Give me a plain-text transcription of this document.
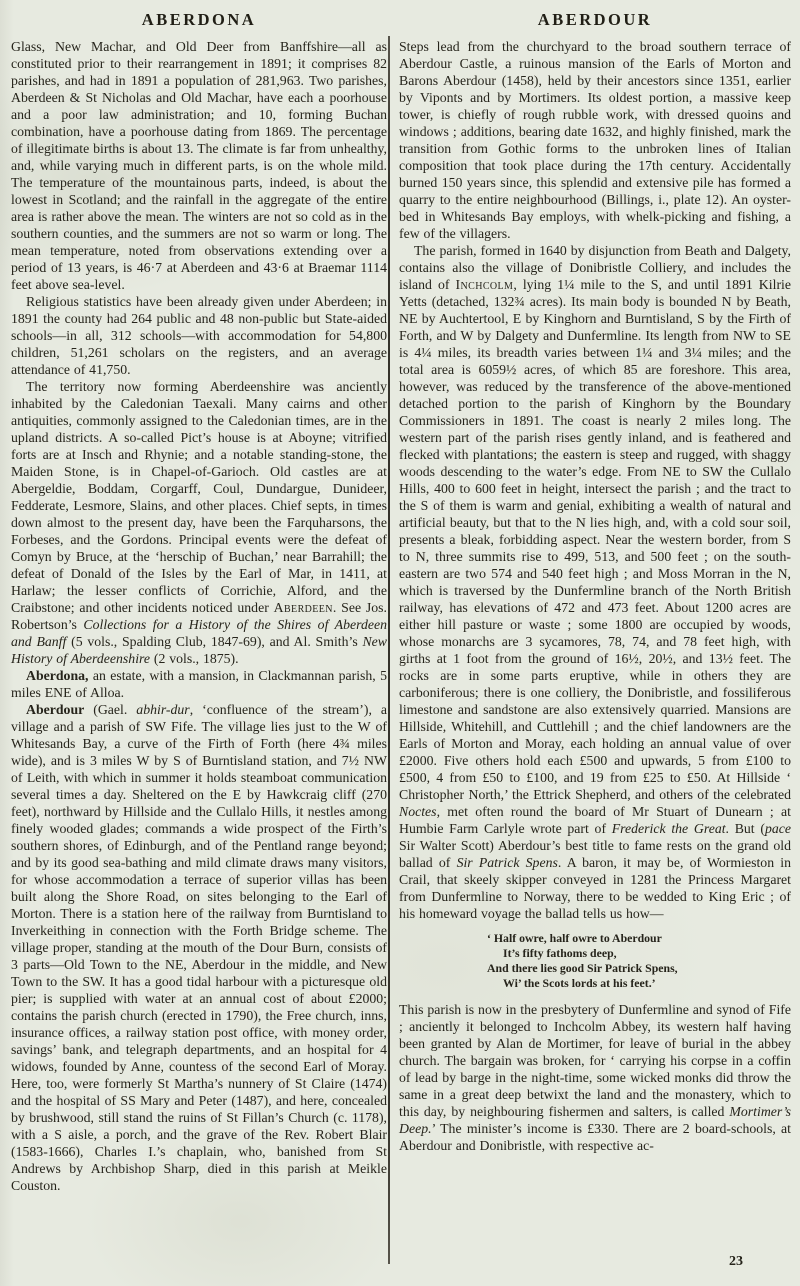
ABERDONA

Glass, New Machar, and Old Deer from Banffshire—all as constituted prior to their rearrangement in 1891; it comprises 82 parishes, and had in 1891 a population of 281,963. Two parishes, Aberdeen & St Nicholas and Old Machar, have each a poorhouse and a poor law administration; and 10, forming Buchan combination, have a poorhouse dating from 1869. The percentage of illegitimate births is about 13. The climate is far from unhealthy, and, while varying much in different parts, is on the whole mild. The temperature of the mountainous parts, indeed, is about the lowest in Scotland; and the rainfall in the aggregate of the entire area is rather above the mean. The winters are not so cold as in the southern counties, and the summers are not so warm or long. The mean temperature, noted from observations extending over a period of 13 years, is 46·7 at Aberdeen and 43·6 at Braemar 1114 feet above sea-level.

Religious statistics have been already given under Aberdeen; in 1891 the county had 264 public and 48 non-public but State-aided schools—in all, 312 schools—with accommodation for 54,800 children, 51,261 scholars on the registers, and an average attendance of 41,750.

The territory now forming Aberdeenshire was anciently inhabited by the Caledonian Taexali. Many cairns and other antiquities, commonly assigned to the Caledonian times, are in the upland districts. A so-called Pict’s house is at Aboyne; vitrified forts are at Insch and Rhynie; and a notable standing-stone, the Maiden Stone, is in Chapel-of-Garioch. Old castles are at Abergeldie, Boddam, Corgarff, Coul, Dundargue, Dunideer, Fedderate, Lesmore, Slains, and other places. Chief septs, in times down almost to the present day, have been the Farquharsons, the Forbeses, and the Gordons. Principal events were the defeat of Comyn by Bruce, at the ‘herschip of Buchan,’ near Barrahill; the defeat of Donald of the Isles by the Earl of Mar, in 1411, at Harlaw; the lesser conflicts of Corrichie, Alford, and the Craibstone; and other incidents noticed under Aberdeen. See Jos. Robertson’s Collections for a History of the Shires of Aberdeen and Banff (5 vols., Spalding Club, 1847-69), and Al. Smith’s New History of Aberdeenshire (2 vols., 1875).

Aberdona, an estate, with a mansion, in Clackmannan parish, 5 miles ENE of Alloa.

Aberdour (Gael. abhir-dur, ‘confluence of the stream’), a village and a parish of SW Fife. The village lies just to the W of Whitesands Bay, a curve of the Firth of Forth (here 4¾ miles wide), and is 3 miles W by S of Burntisland station, and 7½ NW of Leith, with which in summer it holds steamboat communication several times a day. Sheltered on the E by Hawkcraig cliff (270 feet), northward by Hillside and the Cullalo Hills, it nestles among finely wooded glades; commands a wide prospect of the Firth’s southern shores, of Edinburgh, and of the Pentland range beyond; and by its good sea-bathing and mild climate draws many visitors, for whose accommodation a terrace of superior villas has been built along the Shore Road, on sites belonging to the Earl of Morton. There is a station here of the railway from Burntisland to Inverkeithing in connection with the Forth Bridge scheme. The village proper, standing at the mouth of the Dour Burn, consists of 3 parts—Old Town to the NE, Aberdour in the middle, and New Town to the SW. It has a good tidal harbour with a picturesque old pier; is supplied with water at an annual cost of about £2000; contains the parish church (erected in 1790), the Free church, inns, insurance offices, a railway station post office, with money order, savings’ bank, and telegraph departments, and an hospital for 4 widows, founded by Anne, countess of the second Earl of Moray. Here, too, were formerly St Martha’s nunnery of St Claire (1474) and the hospital of SS Mary and Peter (1487), and here, concealed by brushwood, still stand the ruins of St Fillan’s Church (c. 1178), with a S aisle, a porch, and the grave of the Rev. Robert Blair (1583-1666), Charles I.’s chaplain, who, banished from St Andrews by Archbishop Sharp, died in this parish at Meikle Couston.

ABERDOUR

Steps lead from the churchyard to the broad southern terrace of Aberdour Castle, a ruinous mansion of the Earls of Morton and Barons Aberdour (1458), held by their ancestors since 1351, earlier by Viponts and by Mortimers. Its oldest portion, a massive keep tower, is chiefly of rough rubble work, with dressed quoins and windows ; additions, bearing date 1632, and highly finished, mark the transition from Gothic forms to the unbroken lines of Italian composition that took place during the 17th century. Accidentally burned 150 years since, this splendid and extensive pile has formed a quarry to the entire neighbourhood (Billings, i., plate 12). An oyster-bed in Whitesands Bay employs, with whelk-picking and fishing, a few of the villagers.

The parish, formed in 1640 by disjunction from Beath and Dalgety, contains also the village of Donibristle Colliery, and includes the island of Inchcolm, lying 1¼ mile to the S, and until 1891 Kilrie Yetts (detached, 132¾ acres). Its main body is bounded N by Beath, NE by Auchtertool, E by Kinghorn and Burntisland, S by the Firth of Forth, and W by Dalgety and Dunfermline. Its length from NW to SE is 4¼ miles, its breadth varies between 1¼ and 3¼ miles; and the total area is 6059½ acres, of which 85 are foreshore. This area, however, was reduced by the transference of the above-mentioned detached portion to the parish of Kinghorn by the Boundary Commissioners in 1891. The coast is nearly 2 miles long. The western part of the parish rises gently inland, and is feathered and flecked with plantations; the eastern is steep and rugged, with shaggy woods descending to the water’s edge. From NE to SW the Cullalo Hills, 400 to 600 feet in height, intersect the parish ; and the tract to the S of them is warm and genial, exhibiting a wealth of natural and artificial beauty, but that to the N lies high, and, with a cold sour soil, presents a bleak, forbidding aspect. Near the western border, from S to N, three summits rise to 499, 513, and 500 feet ; on the south-eastern are two 574 and 540 feet high ; and Moss Morran in the N, which is traversed by the Dunfermline branch of the North British railway, has elevations of 472 and 473 feet. About 1200 acres are either hill pasture or waste ; some 1800 are occupied by woods, whose monarchs are 3 sycamores, 78, 74, and 78 feet high, with girths at 1 foot from the ground of 16½, 20½, and 13½ feet. The rocks are in some parts eruptive, while in others they are carboniferous; there is one colliery, the Donibristle, and fossiliferous limestone and sandstone are also extensively quarried. Mansions are Hillside, Whitehill, and Cuttlehill ; and the chief landowners are the Earls of Morton and Moray, each holding an annual value of over £2000. Five others hold each £500 and upwards, 5 from £100 to £500, 4 from £50 to £100, and 19 from £25 to £50. At Hillside ‘ Christopher North,’ the Ettrick Shepherd, and others of the celebrated Noctes, met often round the board of Mr Stuart of Dunearn ; at Humbie Farm Carlyle wrote part of Frederick the Great. But (pace Sir Walter Scott) Aberdour’s best title to fame rests on the grand old ballad of Sir Patrick Spens. A baron, it may be, of Wormieston in Crail, that skeely skipper conveyed in 1281 the Princess Margaret from Dunfermline to Norway, there to be wedded to King Eric ; of his homeward voyage the ballad tells us how—

‘ Half owre, half owre to Aberdour
It’s fifty fathoms deep,
And there lies good Sir Patrick Spens,
Wi’ the Scots lords at his feet.’

This parish is now in the presbytery of Dunfermline and synod of Fife ; anciently it belonged to Inchcolm Abbey, its western half having been granted by Alan de Mortimer, for leave of burial in the abbey church. The bargain was broken, for ‘ carrying his corpse in a coffin of lead by barge in the night-time, some wicked monks did throw the same in a great deep betwixt the land and the monastery, which to this day, by neighbouring fishermen and salters, is called Mortimer’s Deep.’ The minister’s income is £330. There are 2 board-schools, at Aberdour and Donibristle, with respective ac-

23
